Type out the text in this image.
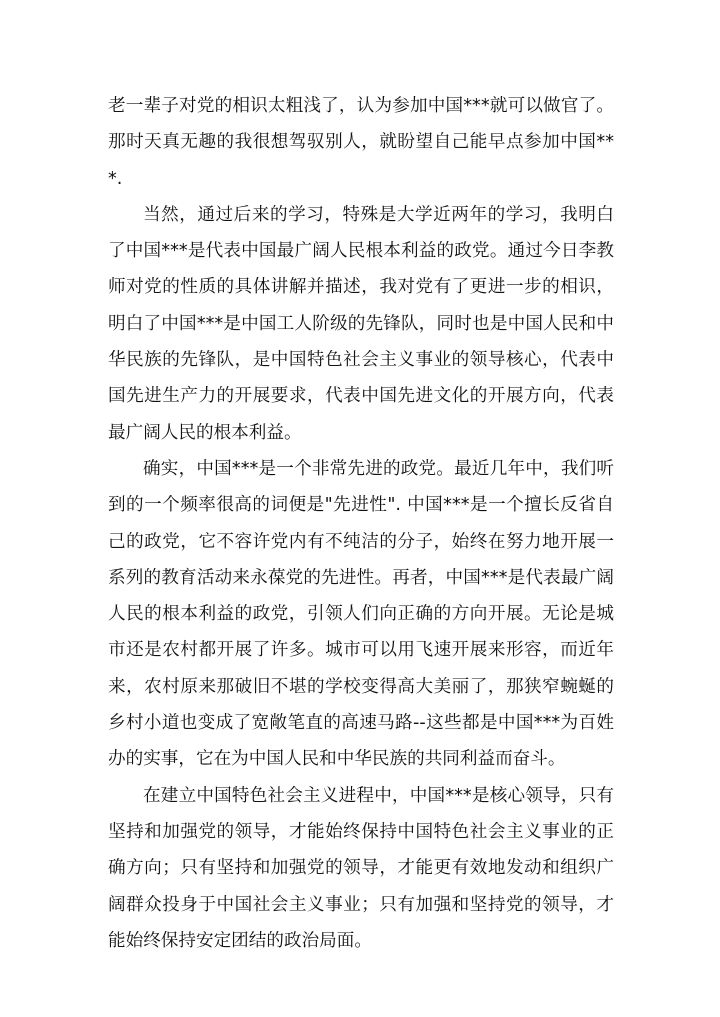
老一辈子对党的相识太粗浅了，认为参加中国***就可以做官了。那时天真无趣的我很想驾驭别人，就盼望自己能早点参加中国***.

当然，通过后来的学习，特殊是大学近两年的学习，我明白了中国***是代表中国最广阔人民根本利益的政党。通过今日李教师对党的性质的具体讲解并描述，我对党有了更进一步的相识，明白了中国***是中国工人阶级的先锋队，同时也是中国人民和中华民族的先锋队，是中国特色社会主义事业的领导核心，代表中国先进生产力的开展要求，代表中国先进文化的开展方向，代表最广阔人民的根本利益。

确实，中国***是一个非常先进的政党。最近几年中，我们听到的一个频率很高的词便是"先进性". 中国***是一个擅长反省自己的政党，它不容许党内有不纯洁的分子，始终在努力地开展一系列的教育活动来永葆党的先进性。再者，中国***是代表最广阔人民的根本利益的政党，引领人们向正确的方向开展。无论是城市还是农村都开展了许多。城市可以用飞速开展来形容，而近年来，农村原来那破旧不堪的学校变得高大美丽了，那狭窄蜿蜒的乡村小道也变成了宽敞笔直的高速马路--这些都是中国***为百姓办的实事，它在为中国人民和中华民族的共同利益而奋斗。

在建立中国特色社会主义进程中，中国***是核心领导，只有坚持和加强党的领导，才能始终保持中国特色社会主义事业的正确方向；只有坚持和加强党的领导，才能更有效地发动和组织广阔群众投身于中国社会主义事业；只有加强和坚持党的领导，才能始终保持安定团结的政治局面。
